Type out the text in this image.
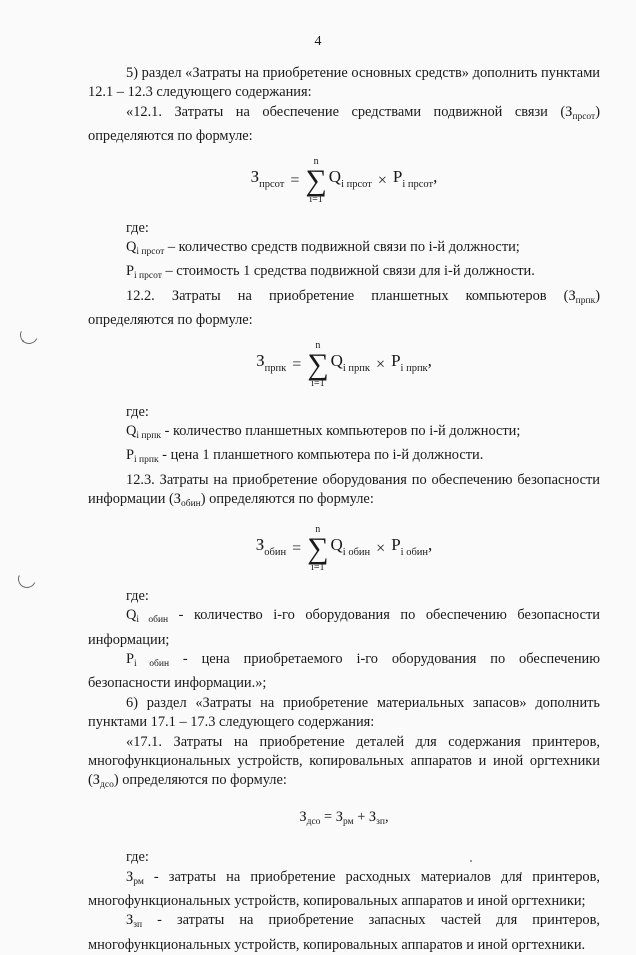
4

5) раздел «Затраты на приобретение основных средств» дополнить пунктами 12.1 – 12.3 следующего содержания:

«12.1. Затраты на обеспечение средствами подвижной связи $(З_{прсот})$ определяются по формуле:

$З_{прсот}$ =
n
∑
i=1
$Q_{i прсот} \times P_{i прсот}$,

где:

$Q_{i прсот}$ – количество средств подвижной связи по i-й должности;

$P_{i прсот}$ – стоимость 1 средства подвижной связи для i-й должности.

12.2. Затраты на приобретение планшетных компьютеров $(З_{прпк})$ определяются по формуле:

$З_{прпк}$ =
n
∑
i=1
$Q_{i прпк} \times P_{i прпк}$,

где:

$Q_{i прпк}$ - количество планшетных компьютеров по i-й должности;

$P_{i прпк}$ - цена 1 планшетного компьютера по i-й должности.

12.3. Затраты на приобретение оборудования по обеспечению безопасности информации $(З_{обин})$ определяются по формуле:

$З_{обин}$ =
n
∑
i=1
$Q_{i обин} \times P_{i обин}$,

где:

$Q_{i обин}$ - количество i-го оборудования по обеспечению безопасности информации;

$P_{i обин}$ - цена приобретаемого i-го оборудования по обеспечению безопасности информации.»;

6) раздел «Затраты на приобретение материальных запасов» дополнить пунктами 17.1 – 17.3 следующего содержания:

«17.1. Затраты на приобретение деталей для содержания принтеров, многофункциональных устройств, копировальных аппаратов и иной оргтехники $(З_{дсо})$ определяются по формуле:

$З_{дсо} = З_{рм} + З_{зп}$,

где:

$З_{рм}$ - затраты на приобретение расходных материалов для принтеров, многофункциональных устройств, копировальных аппаратов и иной оргтехники;

$З_{зп}$ - затраты на приобретение запасных частей для принтеров, многофункциональных устройств, копировальных аппаратов и иной оргтехники.
